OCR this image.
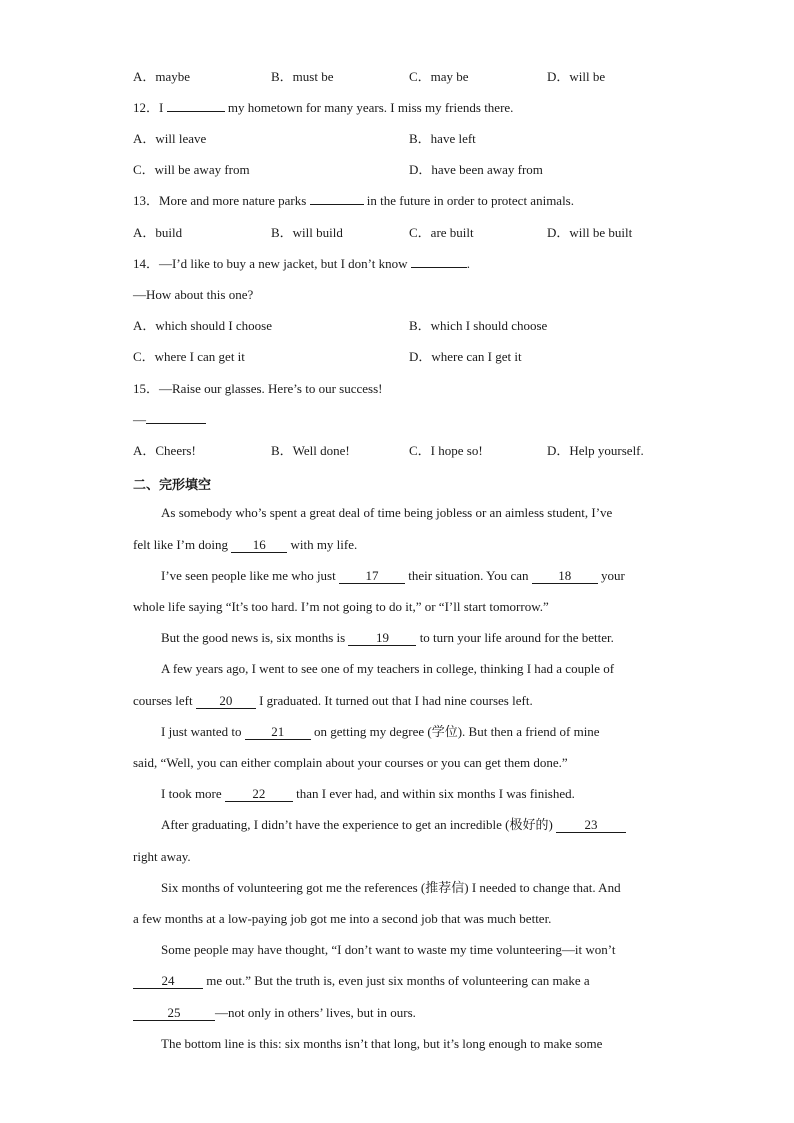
A．maybe	B．must be	C．may be	D．will be
12．I	my hometown for many years. I miss my friends there.
A．will leave	B．have left
C．will be away from	D．have been away from
13．More and more nature parks	in the future in order to protect animals.
A．build	B．will build	C．are built	D．will be built
14．—I’d like to buy a new jacket, but I don’t know	.
—How about this one?
A．which should I choose	B．which I should choose
C．where I can get it	D．where can I get it
15．—Raise our glasses. Here’s to our success!
—
A．Cheers!	B．Well done!	C．I hope so!	D．Help yourself.
二、完形填空
As somebody who’s spent a great deal of time being jobless or an aimless student, I’ve
felt like I’m doing 16 with my life.
I’ve seen people like me who just 17 their situation. You can 18 your
whole life saying “It’s too hard. I’m not going to do it,” or “I’ll start tomorrow.”
But the good news is, six months is 19 to turn your life around for the better.
A few years ago, I went to see one of my teachers in college, thinking I had a couple of
courses left 20 I graduated. It turned out that I had nine courses left.
I just wanted to 21 on getting my degree (学位). But then a friend of mine
said, “Well, you can either complain about your courses or you can get them done.”
I took more 22 than I ever had, and within six months I was finished.
After graduating, I didn’t have the experience to get an incredible (极好的) 23
right away.
Six months of volunteering got me the references (推荐信) I needed to change that. And
a few months at a low-paying job got me into a second job that was much better.
Some people may have thought, “I don’t want to waste my time volunteering—it won’t
24 me out.” But the truth is, even just six months of volunteering can make a
25	—not only in others’ lives, but in ours.
The bottom line is this: six months isn’t that long, but it’s long enough to make some
